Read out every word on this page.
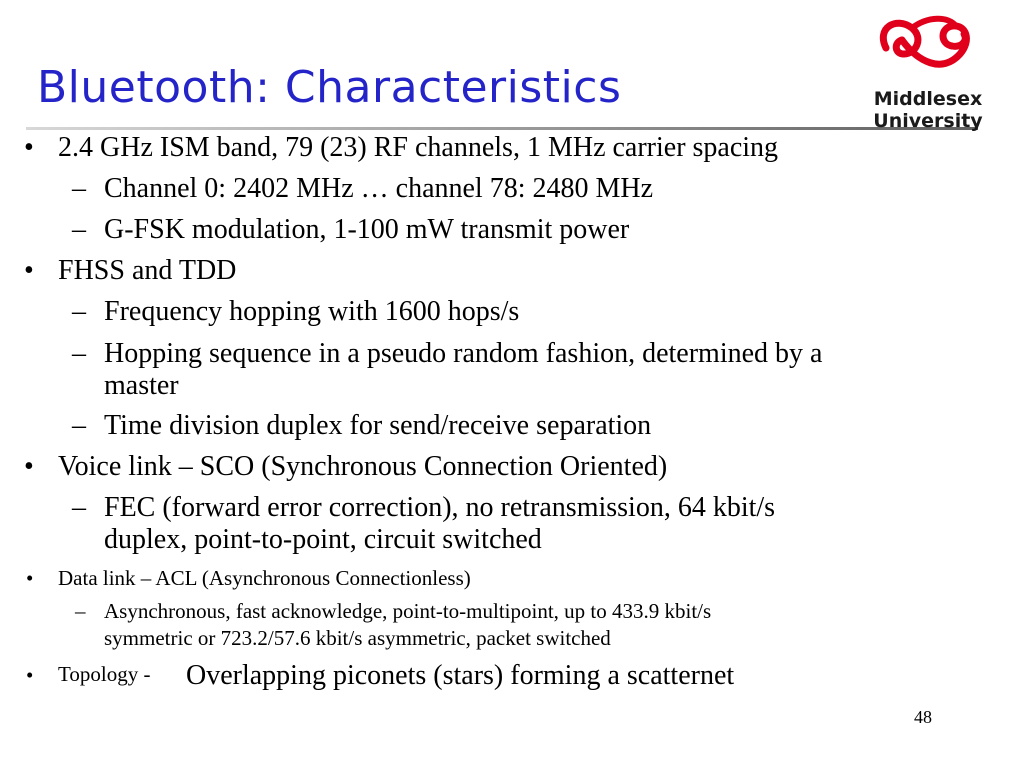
Bluetooth: Characteristics	Middlesex
University
• 2.4 GHz ISM band, 79 (23) RF channels, 1 MHz carrier spacing
– Channel 0: 2402 MHz … channel 78: 2480 MHz
– G-FSK modulation, 1-100 mW transmit power
• FHSS and TDD
– Frequency hopping with 1600 hops/s
– Hopping sequence in a pseudo random fashion, determined by a
master
– Time division duplex for send/receive separation
• Voice link – SCO (Synchronous Connection Oriented)
– FEC (forward error correction), no retransmission, 64 kbit/s
duplex, point-to-point, circuit switched
• Data link – ACL (Asynchronous Connectionless)
– Asynchronous, fast acknowledge, point-to-multipoint, up to 433.9 kbit/s
symmetric or 723.2/57.6 kbit/s asymmetric, packet switched
• Topology - Overlapping piconets (stars) forming a scatternet
48
